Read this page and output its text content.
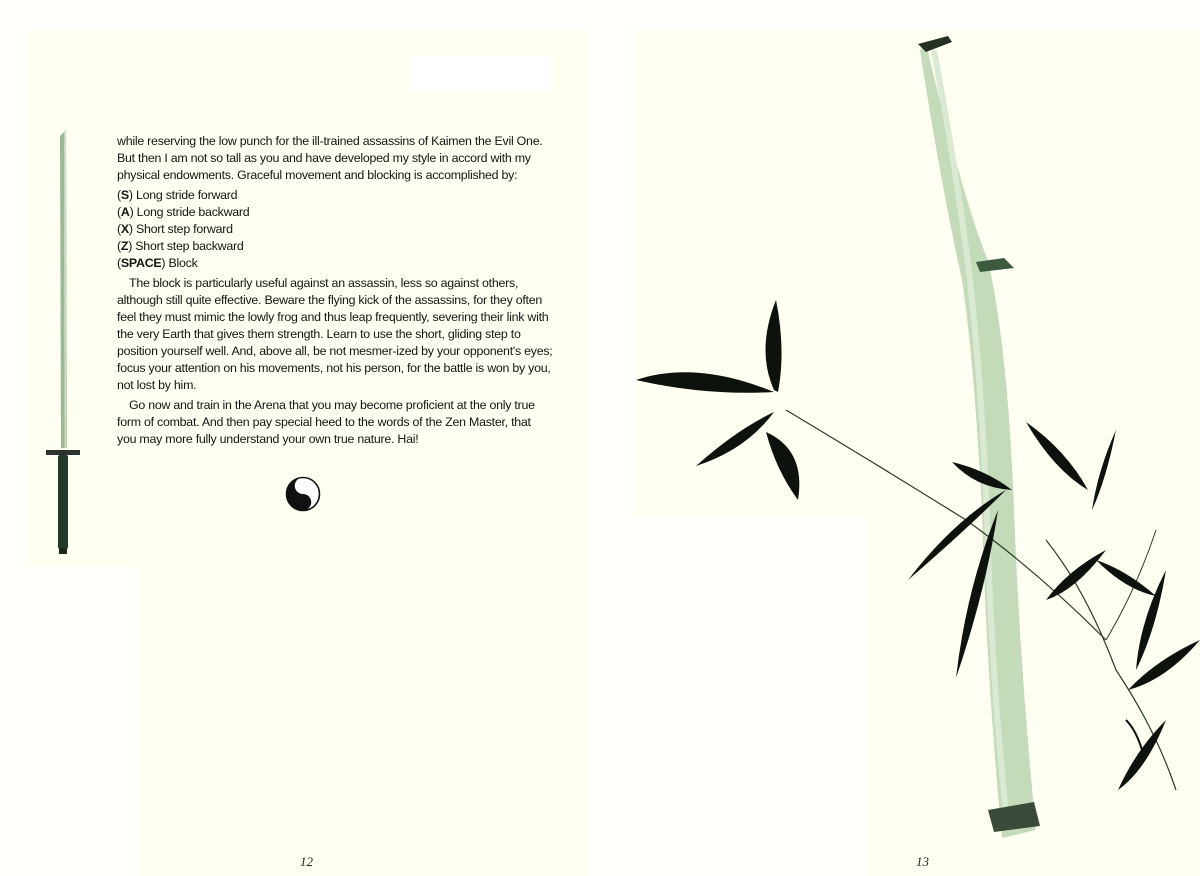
while reserving the low punch for the ill-trained assassins of Kaimen the Evil One. But then I am not so tall as you and have developed my style in accord with my physical endowments. Graceful movement and blocking is accomplished by:

(S) Long stride forward
(A) Long stride backward
(X) Short step forward
(Z) Short step backward
(SPACE) Block

The block is particularly useful against an assassin, less so against others, although still quite effective. Beware the flying kick of the assassins, for they often feel they must mimic the lowly frog and thus leap frequently, severing their link with the very Earth that gives them strength. Learn to use the short, gliding step to position yourself well. And, above all, be not mesmer-ized by your opponent's eyes; focus your attention on his movements, not his person, for the battle is won by you, not lost by him.

Go now and train in the Arena that you may become proficient at the only true form of combat. And then pay special heed to the words of the Zen Master, that you may more fully understand your own true nature. Hai!

12	13
